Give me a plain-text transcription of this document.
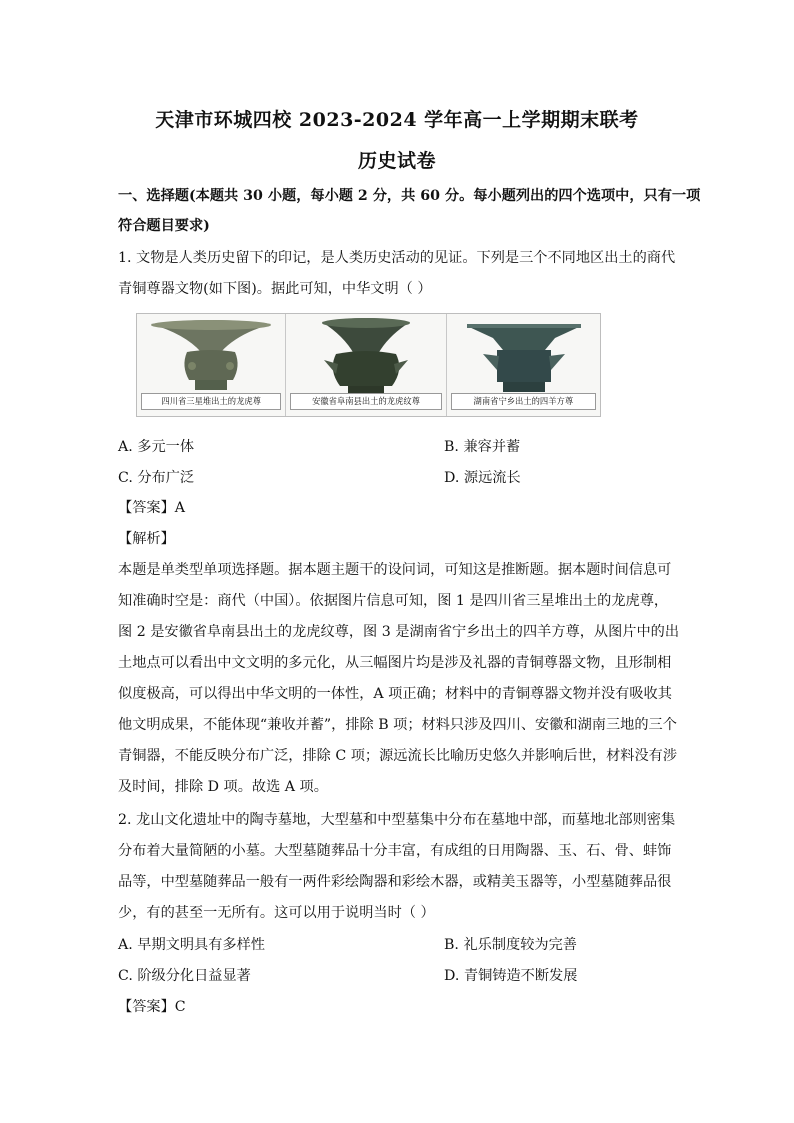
天津市环城四校 2023-2024 学年高一上学期期末联考
历史试卷
一、选择题(本题共 30 小题，每小题 2 分，共 60 分。每小题列出的四个选项中，只有一项
符合题目要求)
1. 文物是人类历史留下的印记，是人类历史活动的见证。下列是三个不同地区出土的商代
青铜尊器文物(如下图)。据此可知，中华文明（ ）
四川省三星堆出土的龙虎尊	安徽省阜南县出土的龙虎纹尊	湖南省宁乡出土的四羊方尊
A. 多元一体	B. 兼容并蓄
C. 分布广泛	D. 源远流长
【答案】A
【解析】
本题是单类型单项选择题。据本题主题干的设问词，可知这是推断题。据本题时间信息可
知准确时空是：商代（中国）。依据图片信息可知，图 1 是四川省三星堆出土的龙虎尊，
图 2 是安徽省阜南县出土的龙虎纹尊，图 3 是湖南省宁乡出土的四羊方尊，从图片中的出
土地点可以看出中文文明的多元化，从三幅图片均是涉及礼器的青铜尊器文物，且形制相
似度极高，可以得出中华文明的一体性，A 项正确；材料中的青铜尊器文物并没有吸收其
他文明成果，不能体现“兼收并蓄”，排除 B 项；材料只涉及四川、安徽和湖南三地的三个
青铜器，不能反映分布广泛，排除 C 项；源远流长比喻历史悠久并影响后世，材料没有涉
及时间，排除 D 项。故选 A 项。
2. 龙山文化遗址中的陶寺墓地，大型墓和中型墓集中分布在墓地中部，而墓地北部则密集
分布着大量简陋的小墓。大型墓随葬品十分丰富，有成组的日用陶器、玉、石、骨、蚌饰
品等，中型墓随葬品一般有一两件彩绘陶器和彩绘木器，或精美玉器等，小型墓随葬品很
少，有的甚至一无所有。这可以用于说明当时（ ）
A. 早期文明具有多样性	B. 礼乐制度较为完善
C. 阶级分化日益显著	D. 青铜铸造不断发展
【答案】C
